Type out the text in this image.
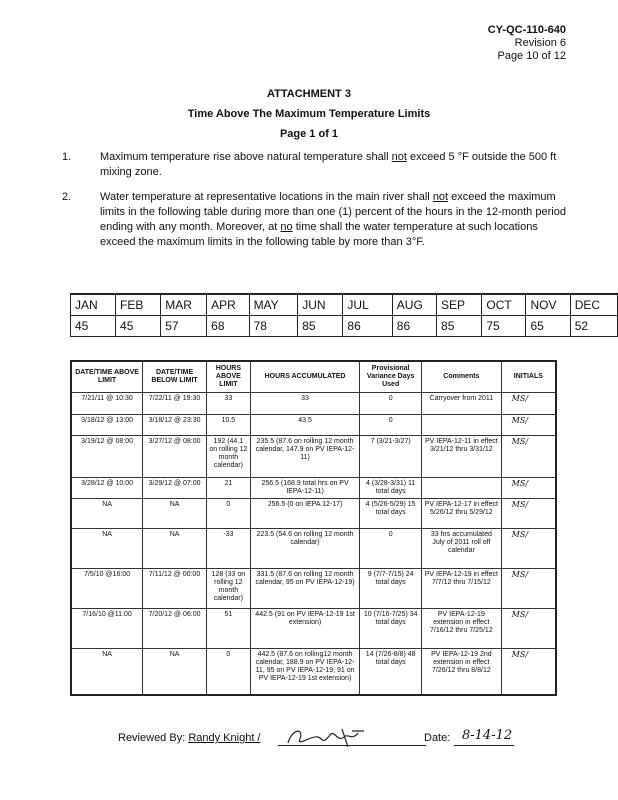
CY-QC-110-640
Revision 6
Page 10 of 12
ATTACHMENT 3
Time Above The Maximum Temperature Limits
Page 1 of 1
1.	Maximum temperature rise above natural temperature shall not exceed 5 °F outside the 500 ft mixing zone.
2.	Water temperature at representative locations in the main river shall not exceed the maximum limits in the following table during more than one (1) percent of the hours in the 12-month period ending with any month. Moreover, at no time shall the water temperature at such locations exceed the maximum limits in the following table by more than 3°F.
JAN	FEB	MAR	APR	MAY	JUN	JUL	AUG	SEP	OCT	NOV	DEC
45	45	57	68	78	85	86	86	85	75	65	52
DATE/TIME ABOVE LIMIT	DATE/TIME BELOW LIMIT	HOURS ABOVE LIMIT	HOURS ACCUMULATED	Provisional Variance Days Used	Comments	INITIALS
7/21/11 @ 10:30	7/22/11 @ 19:30	33	33	0	Carryover from 2011	MS/
3/18/12 @ 13:00	3/18/12 @ 23:30	10.5	43.5	0		MS/
3/19/12 @ 08:00	3/27/12 @ 08:00	192 (44.1 on rolling 12 month calendar)	235.5 (87.6 on rolling 12 month calendar, 147.9 on PV IEPA-12-11)	7 (3/21-3/27)	PV IEPA-12-11 in effect 3/21/12 thru 3/31/12	MS/
3/28/12 @ 10:00	3/29/12 @ 07:00	21	256.5 (168.9 total hrs on PV IEPA-12-11)	4 (3/28-3/31) 11 total days		MS/
NA	NA	0	256.5 (0 on IEPA 12-17)	4 (5/26-5/29) 15 total days	PV IEPA-12-17 in effect 5/26/12 thru 5/29/12	MS/
NA	NA	-33	223.5 (54.6 on rolling 12 month calendar)	0	33 hrs accumulated July of 2011 roll off calendar	MS/
7/5/10 @16:00	7/11/12 @ 00:00	128 (33 on rolling 12 month calendar)	331.5 (87.6 on rolling 12 month calendar, 95 on PV IEPA-12-19)	9 (7/7-7/15) 24 total days	PV IEPA-12-19 in effect 7/7/12 thru 7/15/12	MS/
7/16/10 @11:00	7/20/12 @ 06:00	51	442.5 (91 on PV IEPA-12-19 1st extension)	10 (7/16-7/25) 34 total days	PV IEPA-12-19 extension in effect 7/16/12 thru 7/25/12	MS/
NA	NA	0	442.5 (87.6 on rolling12 month calendar, 188.9 on PV IEPA-12-11, 95 on PV IEPA-12-19, 91 on PV IEPA-12-19 1st extension)	14 (7/26-8/8) 48 total days	PV IEPA-12-19 2nd extension in effect 7/26/12 thru 8/8/12	MS/
Reviewed By: Randy Knight /	Date: 8-14-12
